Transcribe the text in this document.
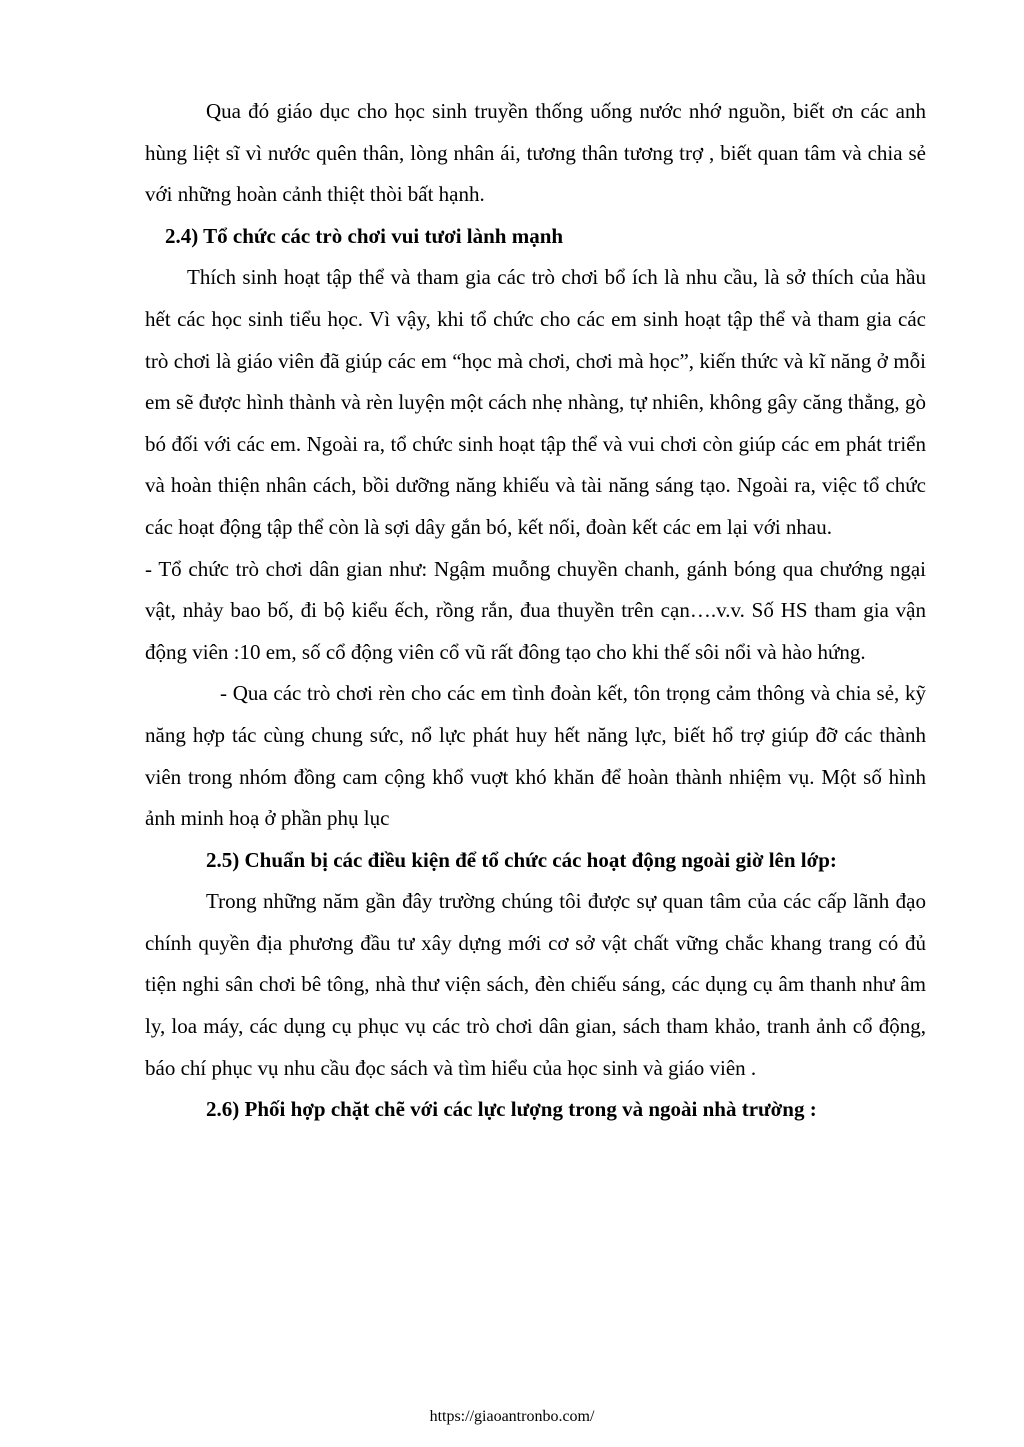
Qua đó giáo dục cho học sinh truyền thống uống nước nhớ nguồn, biết ơn các anh hùng liệt sĩ vì nước quên thân, lòng nhân ái, tương thân tương trợ , biết quan tâm và chia sẻ với những hoàn cảnh thiệt thòi bất hạnh.

2.4) Tổ chức các trò chơi vui tươi lành mạnh

Thích sinh hoạt tập thể và tham gia các trò chơi bổ ích là nhu cầu, là sở thích của hầu hết các học sinh tiểu học. Vì vậy, khi tổ chức cho các em sinh hoạt tập thể và tham gia các trò chơi là giáo viên đã giúp các em “học mà chơi, chơi mà học”, kiến thức và kĩ năng ở mỗi em sẽ được hình thành và rèn luyện một cách nhẹ nhàng, tự nhiên, không gây căng thẳng, gò bó đối với các em. Ngoài ra, tổ chức sinh hoạt tập thể và vui chơi còn giúp các em phát triển và hoàn thiện nhân cách, bồi dưỡng năng khiếu và tài năng sáng tạo. Ngoài ra, việc tổ chức các hoạt động tập thể còn là sợi dây gắn bó, kết nối, đoàn kết các em lại với nhau.

- Tổ chức trò chơi dân gian như: Ngậm muỗng chuyền chanh, gánh bóng qua chướng ngại vật, nhảy bao bố, đi bộ kiểu ếch, rồng rắn, đua thuyền trên cạn….v.v. Số HS tham gia vận động viên :10 em, số cổ động viên cổ vũ rất đông tạo cho khi thế sôi nổi và hào hứng.

- Qua các trò chơi rèn cho các em tình đoàn kết, tôn trọng cảm thông và chia sẻ, kỹ năng hợp tác cùng chung sức, nổ lực phát huy hết năng lực, biết hổ trợ giúp đỡ các thành viên trong nhóm đồng cam cộng khổ vuợt khó khăn để hoàn thành nhiệm vụ. Một số hình ảnh minh hoạ ở phần phụ lục

2.5) Chuẩn bị các điều kiện để tổ chức các hoạt động ngoài giờ lên lớp:

Trong những năm gần đây trường chúng tôi được sự quan tâm của các cấp lãnh đạo chính quyền địa phương đầu tư xây dựng mới cơ sở vật chất vững chắc khang trang có đủ tiện nghi sân chơi bê tông, nhà thư viện sách, đèn chiếu sáng, các dụng cụ âm thanh như âm ly, loa máy, các dụng cụ phục vụ các trò chơi dân gian, sách tham khảo, tranh ảnh cổ động, báo chí phục vụ nhu cầu đọc sách và tìm hiểu của học sinh và giáo viên .

2.6) Phối hợp chặt chẽ với các lực lượng trong và ngoài nhà trường :

https://giaoantronbo.com/
